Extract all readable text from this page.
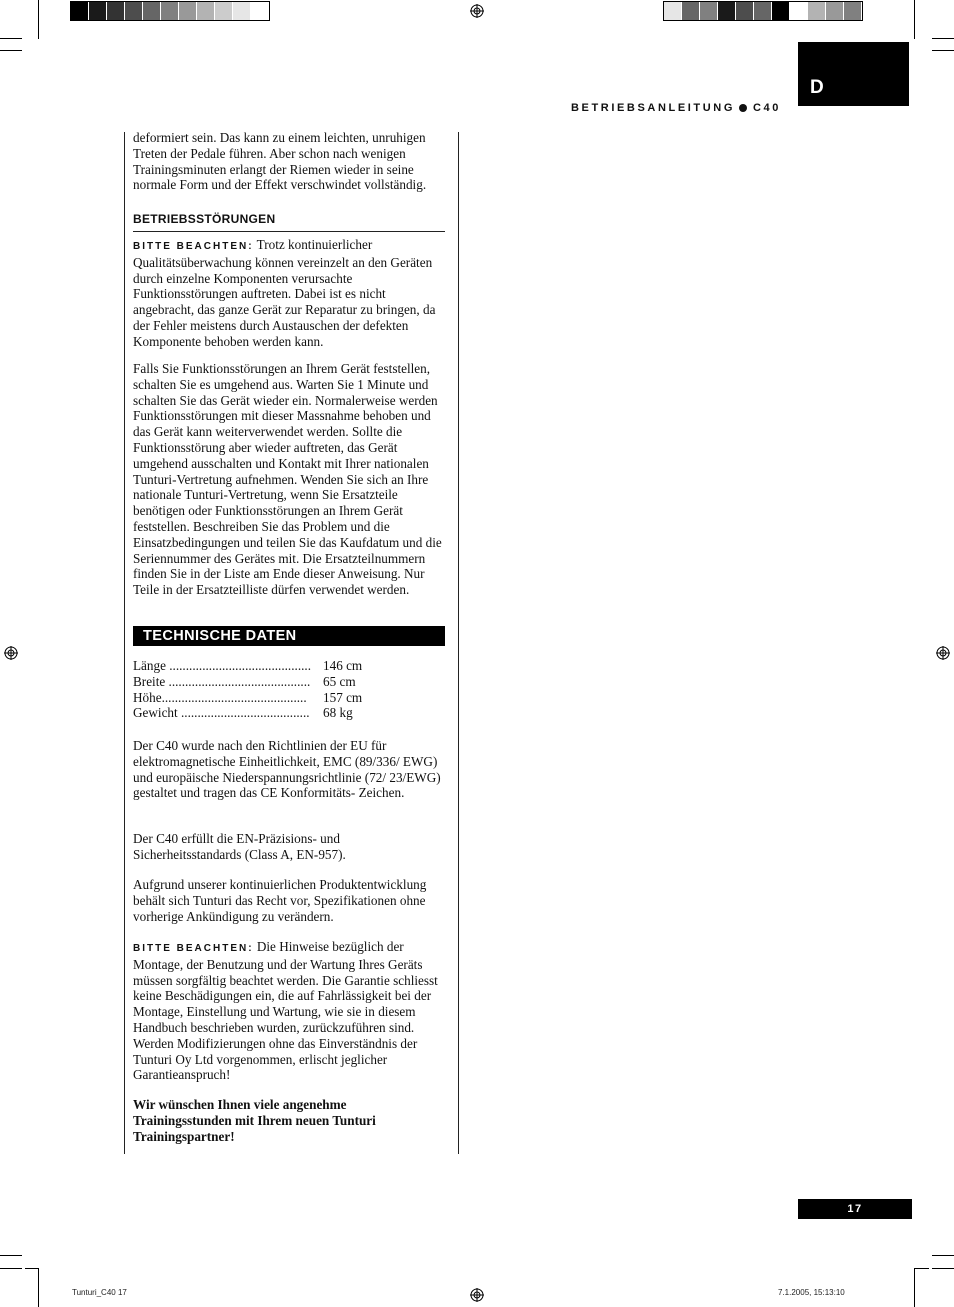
D
BETRIEBSANLEITUNG C40

deformiert sein. Das kann zu einem leichten, unruhigen Treten der Pedale führen. Aber schon nach wenigen Trainingsminuten erlangt der Riemen wieder in seine normale Form und der Effekt verschwindet vollständig.

BETRIEBSSTÖRUNGEN

BITTE BEACHTEN: Trotz kontinuierlicher Qualitätsüberwachung können vereinzelt an den Geräten durch einzelne Komponenten verursachte Funktionsstörungen auftreten. Dabei ist es nicht angebracht, das ganze Gerät zur Reparatur zu bringen, da der Fehler meistens durch Austauschen der defekten Komponente behoben werden kann.

Falls Sie Funktionsstörungen an Ihrem Gerät feststellen, schalten Sie es umgehend aus. Warten Sie 1 Minute und schalten Sie das Gerät wieder ein. Normalerweise werden Funktionsstörungen mit dieser Massnahme behoben und das Gerät kann weiterverwendet werden. Sollte die Funktionsstörung aber wieder auftreten, das Gerät umgehend ausschalten und Kontakt mit Ihrer nationalen Tunturi-Vertretung aufnehmen. Wenden Sie sich an Ihre nationale Tunturi-Vertretung, wenn Sie Ersatzteile benötigen oder Funktionsstörungen an Ihrem Gerät feststellen. Beschreiben Sie das Problem und die Einsatzbedingungen und teilen Sie das Kaufdatum und die Seriennummer des Gerätes mit. Die Ersatzteilnummern finden Sie in der Liste am Ende dieser Anweisung. Nur Teile in der Ersatzteilliste dürfen verwendet werden.

TECHNISCHE DATEN
Länge ........................................... 146 cm
Breite ........................................... 65 cm
Höhe............................................	157 cm
Gewicht .......................................	68 kg

Der C40 wurde nach den Richtlinien der EU für elektromagnetische Einheitlichkeit, EMC (89/336/ EWG) und europäische Niederspannungsrichtlinie (72/ 23/EWG) gestaltet und tragen das CE Konformitäts- Zeichen.

Der C40 erfüllt die EN-Präzisions- und Sicherheitsstandards (Class A, EN-957).

Aufgrund unserer kontinuierlichen Produktentwicklung behält sich Tunturi das Recht vor, Spezifikationen ohne vorherige Ankündigung zu verändern.

BITTE BEACHTEN: Die Hinweise bezüglich der Montage, der Benutzung und der Wartung Ihres Geräts müssen sorgfältig beachtet werden. Die Garantie schliesst keine Beschädigungen ein, die auf Fahrlässigkeit bei der Montage, Einstellung und Wartung, wie sie in diesem Handbuch beschrieben wurden, zurückzuführen sind. Werden Modifizierungen ohne das Einverständnis der Tunturi Oy Ltd vorgenommen, erlischt jeglicher Garantieanspruch!

Wir wünschen Ihnen viele angenehme Trainingsstunden mit Ihrem neuen Tunturi Trainingspartner!

17
Tunturi_C40 17	7.1.2005, 15:13:10
